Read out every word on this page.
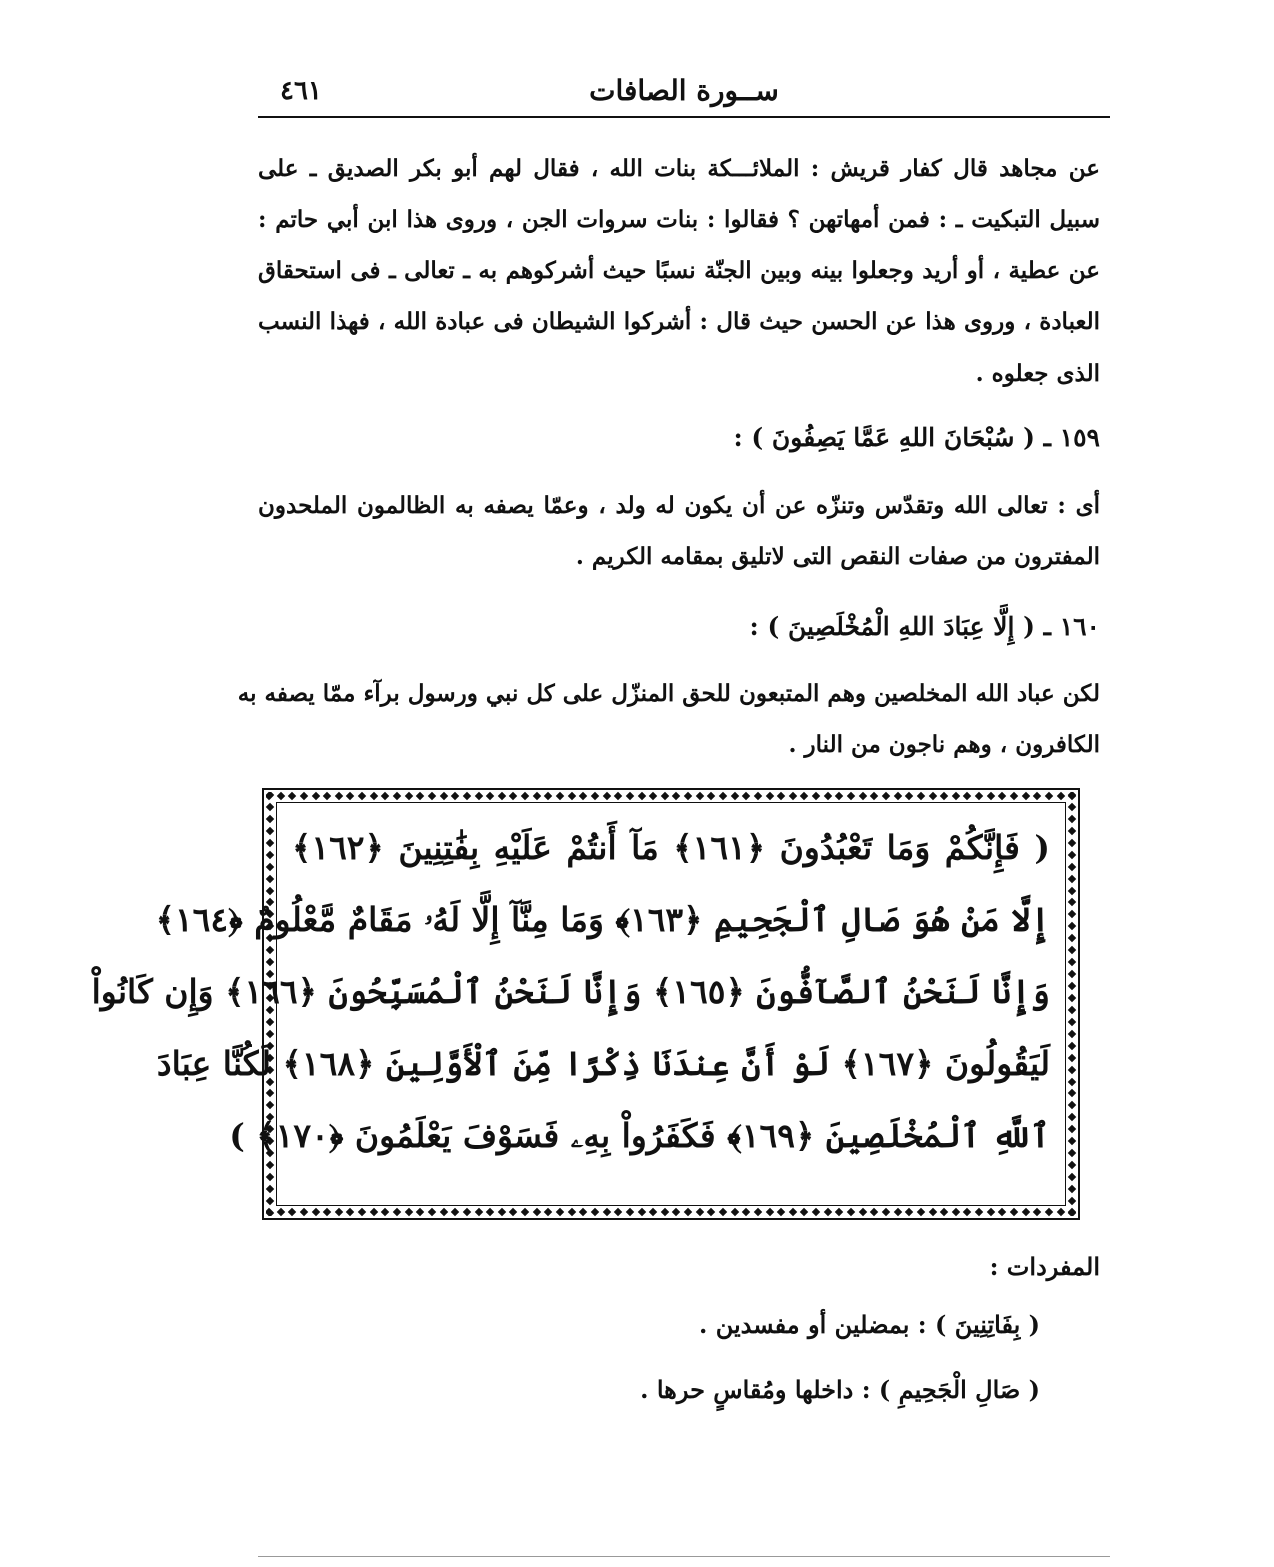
٤٦١	ســورة الصافات
عن مجاهد قال كفار قريش : الملائـــكة بنات الله ، فقال لهم أبو بكر الصديق ـ على
سبيل التبكيت ـ : فمن أمهاتهن ؟ فقالوا : بنات سروات الجن ، وروى هذا ابن أبي حاتم :
عن عطية ، أو أريد وجعلوا بينه وبين الجنّة نسبًا حيث أشركوهم به ـ تعالى ـ فى استحقاق
العبادة ، وروى هذا عن الحسن حيث قال : أشركوا الشيطان فى عبادة الله ، فهذا النسب
الذى جعلوه .
١٥٩ ـ ( سُبْحَانَ اللهِ عَمَّا يَصِفُونَ ) :
أى : تعالى الله وتقدّس وتنزّه عن أن يكون له ولد ، وعمّا يصفه به الظالمون الملحدون
المفترون من صفات النقص التى لاتليق بمقامه الكريم .
١٦٠ ـ ( إِلَّا عِبَادَ اللهِ الْمُخْلَصِينَ ) :
لكن عباد الله المخلصين وهم المتبعون للحق المنزّل على كل نبي ورسول برآء ممّا يصفه به
الكافرون ، وهم ناجون من النار .
( فَإِنَّكُمْ وَمَا تَعْبُدُونَ ﴿١٦١﴾ مَآ أَنتُمْ عَلَيْهِ بِفَٰتِنِينَ ﴿١٦٢﴾
إِلَّا مَنْ هُوَ صَالِ ٱلْجَحِيمِ ﴿١٦٣﴾ وَمَا مِنَّآ إِلَّا لَهُۥ مَقَامٌ مَّعْلُومٌ ﴿١٦٤﴾
وَإِنَّا لَنَحْنُ ٱلصَّآفُّونَ ﴿١٦٥﴾ وَإِنَّا لَنَحْنُ ٱلْمُسَبِّحُونَ ﴿١٦٦﴾ وَإِن كَانُواْ
لَيَقُولُونَ ﴿١٦٧﴾ لَوْ أَنَّ عِندَنَا ذِكْرًا مِّنَ ٱلْأَوَّلِينَ ﴿١٦٨﴾ لَكُنَّا عِبَادَ
ٱللَّهِ ٱلْمُخْلَصِينَ ﴿١٦٩﴾ فَكَفَرُواْ بِهِۦ فَسَوْفَ يَعْلَمُونَ ﴿١٧٠﴾ )
المفردات :
( بِفَاتِنِينَ ) : بمضلين أو مفسدين .
( صَالِ الْجَحِيمِ ) : داخلها ومُقاسٍ حرها .
